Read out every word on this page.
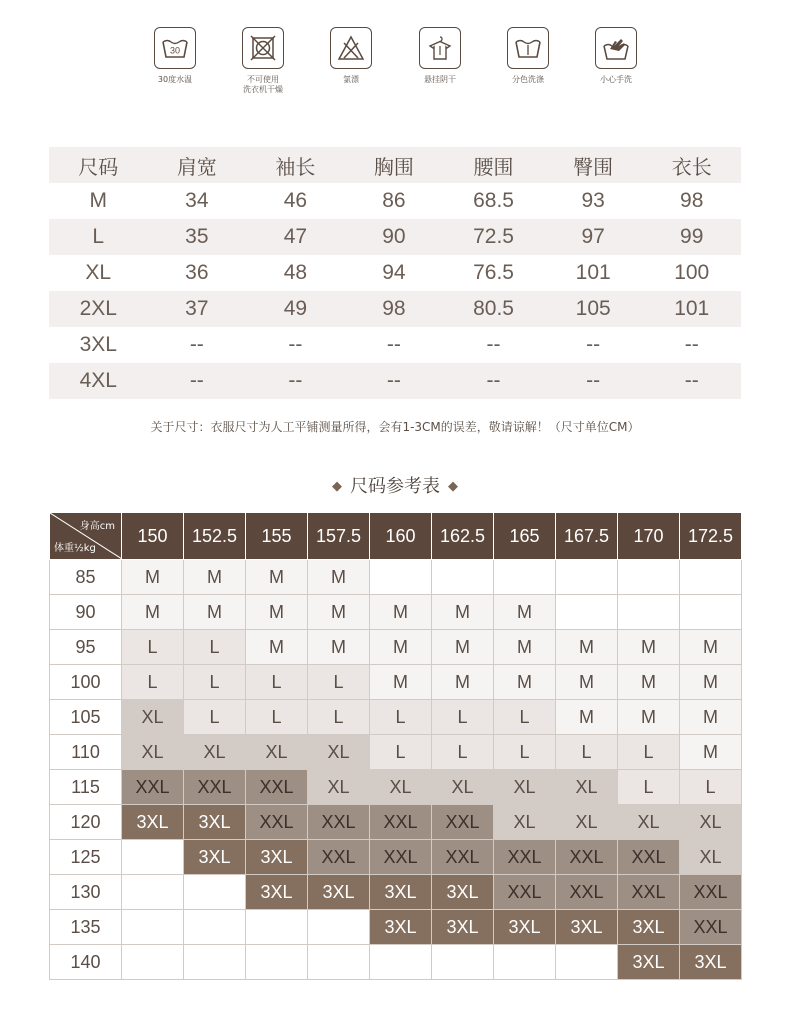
30
30度水温	不可使用
洗衣机干燥
氯漂	悬挂阴干	分色洗涤	小心手洗
尺码	肩宽	袖长	胸围	腰围	臀围	衣长
M	34	46	86	68.5	93	98
L	35	47	90	72.5	97	99
XL	36	48	94	76.5	101	100
2XL	37	49	98	80.5	105	101
3XL	--	--	--	--	--	--
4XL	--	--	--	--	--	--
关于尺寸：衣服尺寸为人工平铺测量所得，会有1-3CM的误差，敬请谅解！（尺寸单位CM）
◆ 尺码参考表 ◆
身高cm
体重½kg	150	152.5	155	157.5	160	162.5	165	167.5	170	172.5
85	M	M	M	M						
90	M	M	M	M	M	M	M			
95	L	L	M	M	M	M	M	M	M	M
100	L	L	L	L	M	M	M	M	M	M
105	XL	L	L	L	L	L	L	M	M	M
110	XL	XL	XL	XL	L	L	L	L	L	M
115	XXL	XXL	XXL	XL	XL	XL	XL	XL	L	L
120	3XL	3XL	XXL	XXL	XXL	XXL	XL	XL	XL	XL
125		3XL	3XL	XXL	XXL	XXL	XXL	XXL	XXL	XL
130			3XL	3XL	3XL	3XL	XXL	XXL	XXL	XXL
135					3XL	3XL	3XL	3XL	3XL	XXL
140									3XL	3XL
